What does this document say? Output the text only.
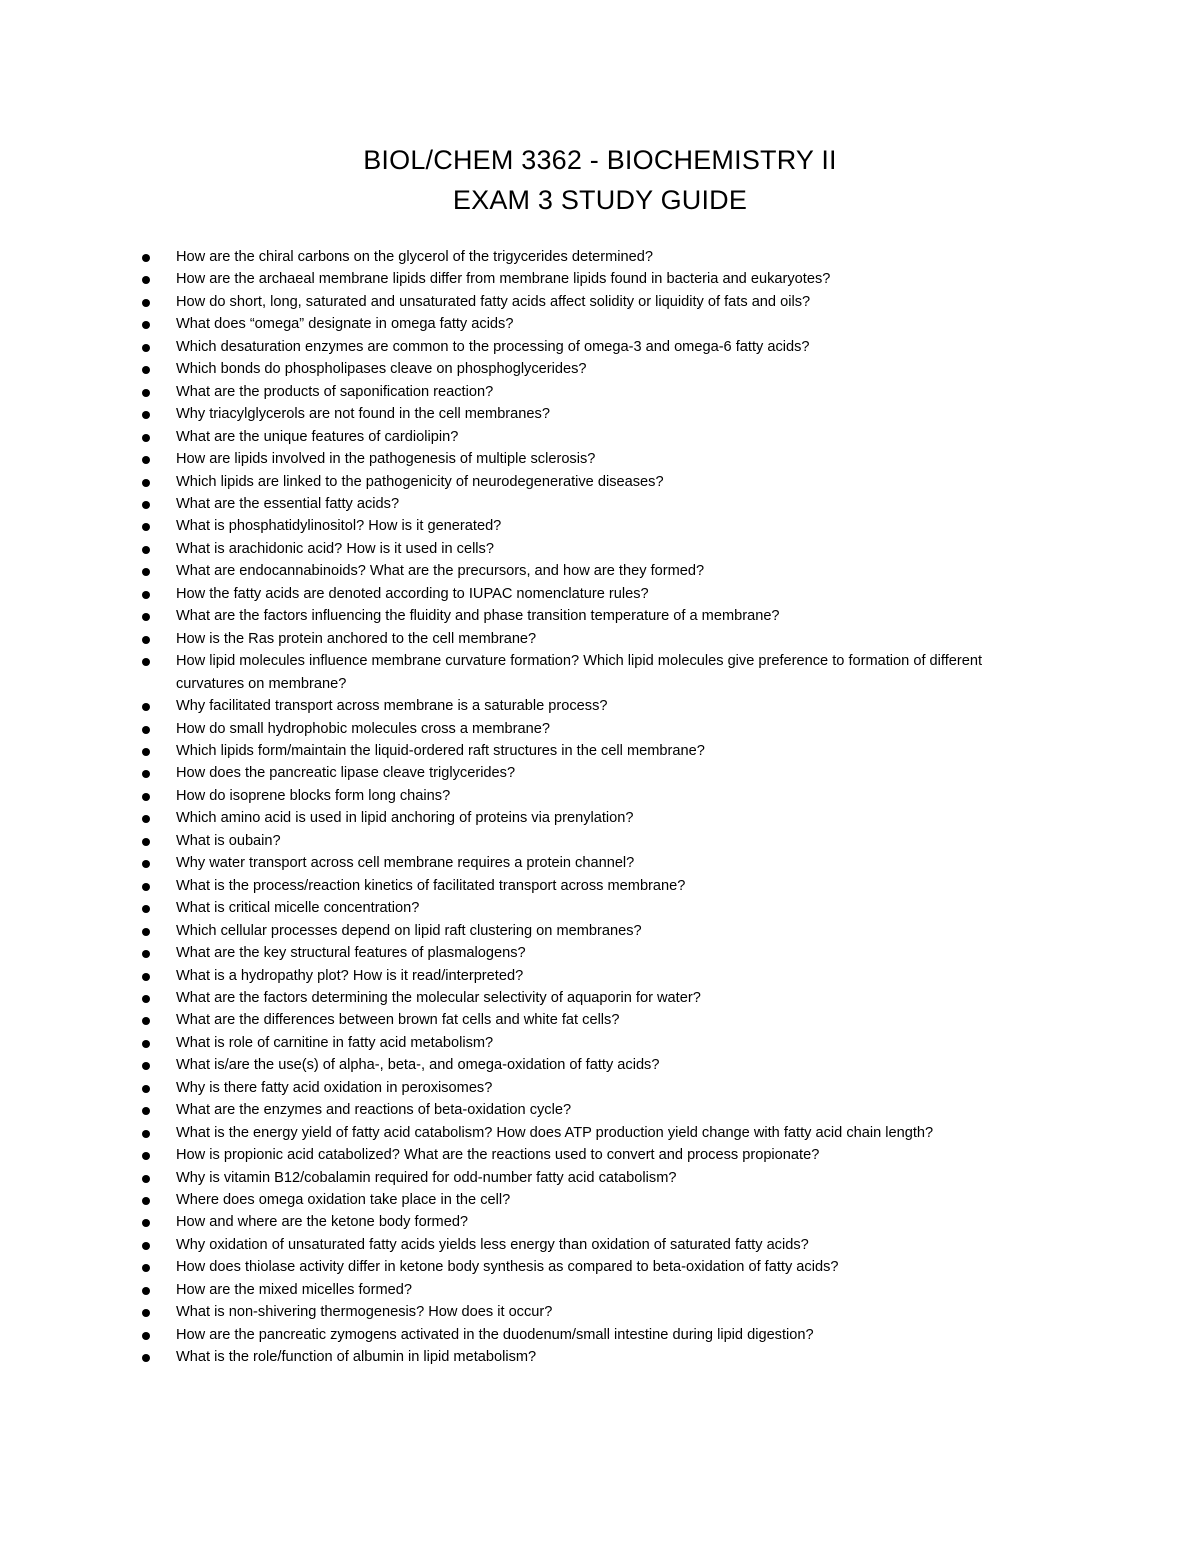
BIOL/CHEM 3362 - BIOCHEMISTRY II
EXAM 3 STUDY GUIDE
How are the chiral carbons on the glycerol of the trigycerides determined?
How are the archaeal membrane lipids differ from membrane lipids found in bacteria and eukaryotes?
How do short, long, saturated and unsaturated fatty acids affect solidity or liquidity of fats and oils?
What does “omega” designate in omega fatty acids?
Which desaturation enzymes are common to the processing of omega-3 and omega-6 fatty acids?
Which bonds do phospholipases cleave on phosphoglycerides?
What are the products of saponification reaction?
Why triacylglycerols are not found in the cell membranes?
What are the unique features of cardiolipin?
How are lipids involved in the pathogenesis of multiple sclerosis?
Which lipids are linked to the pathogenicity of neurodegenerative diseases?
What are the essential fatty acids?
What is phosphatidylinositol? How is it generated?
What is arachidonic acid? How is it used in cells?
What are endocannabinoids? What are the precursors, and how are they formed?
How the fatty acids are denoted according to IUPAC nomenclature rules?
What are the factors influencing the fluidity and phase transition temperature of a membrane?
How is the Ras protein anchored to the cell membrane?
How lipid molecules influence membrane curvature formation? Which lipid molecules give preference to formation of different curvatures on membrane?
Why facilitated transport across membrane is a saturable process?
How do small hydrophobic molecules cross a membrane?
Which lipids form/maintain the liquid-ordered raft structures in the cell membrane?
How does the pancreatic lipase cleave triglycerides?
How do isoprene blocks form long chains?
Which amino acid is used in lipid anchoring of proteins via prenylation?
What is oubain?
Why water transport across cell membrane requires a protein channel?
What is the process/reaction kinetics of facilitated transport across membrane?
What is critical micelle concentration?
Which cellular processes depend on lipid raft clustering on membranes?
What are the key structural features of plasmalogens?
What is a hydropathy plot? How is it read/interpreted?
What are the factors determining the molecular selectivity of aquaporin for water?
What are the differences between brown fat cells and white fat cells?
What is role of carnitine in fatty acid metabolism?
What is/are the use(s) of alpha-, beta-, and omega-oxidation of fatty acids?
Why is there fatty acid oxidation in peroxisomes?
What are the enzymes and reactions of beta-oxidation cycle?
What is the energy yield of fatty acid catabolism? How does ATP production yield change with fatty acid chain length?
How is propionic acid catabolized? What are the reactions used to convert and process propionate?
Why is vitamin B12/cobalamin required for odd-number fatty acid catabolism?
Where does omega oxidation take place in the cell?
How and where are the ketone body formed?
Why oxidation of unsaturated fatty acids yields less energy than oxidation of saturated fatty acids?
How does thiolase activity differ in ketone body synthesis as compared to beta-oxidation of fatty acids?
How are the mixed micelles formed?
What is non-shivering thermogenesis? How does it occur?
How are the pancreatic zymogens activated in the duodenum/small intestine during lipid digestion?
What is the role/function of albumin in lipid metabolism?
